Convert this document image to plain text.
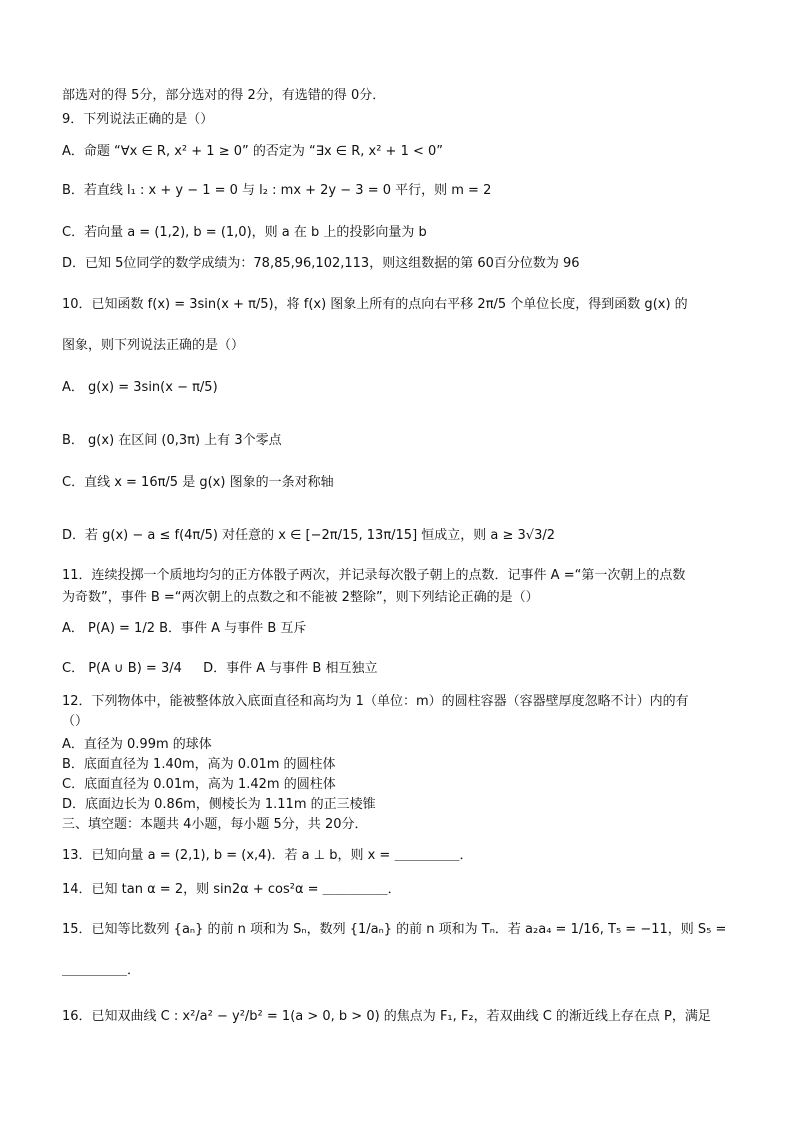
部选对的得 5分，部分选对的得 2分，有选错的得 0分．
9．下列说法正确的是（）
A．命题 “∀x ∈ R, x² + 1 ≥ 0” 的否定为 “∃x ∈ R, x² + 1 < 0”
B．若直线 l₁ : x + y − 1 = 0 与 l₂ : mx + 2y − 3 = 0 平行，则 m = 2
C．若向量 a = (1,2), b = (1,0)，则 a 在 b 上的投影向量为 b
D．已知 5位同学的数学成绩为：78,85,96,102,113，则这组数据的第 60百分位数为 96
10．已知函数 f(x) = 3sin(x + π/5)，将 f(x) 图象上所有的点向右平移 2π/5 个单位长度，得到函数 g(x) 的
图象，则下列说法正确的是（）
A． g(x) = 3sin(x − π/5)
B． g(x) 在区间 (0,3π) 上有 3个零点
C．直线 x = 16π/5 是 g(x) 图象的一条对称轴
D．若 g(x) − a ≤ f(4π/5) 对任意的 x ∈ [−2π/15, 13π/15] 恒成立，则 a ≥ 3√3/2
11．连续投掷一个质地均匀的正方体骰子两次，并记录每次骰子朝上的点数．记事件 A =“第一次朝上的点数
为奇数”，事件 B =“两次朝上的点数之和不能被 2整除”，则下列结论正确的是（）
A． P(A) = 1/2 B．事件 A 与事件 B 互斥
C． P(A ∪ B) = 3/4 　 D．事件 A 与事件 B 相互独立
12．下列物体中，能被整体放入底面直径和高均为 1（单位：m）的圆柱容器（容器壁厚度忽略不计）内的有
（）
A．直径为 0.99m 的球体
B．底面直径为 1.40m，高为 0.01m 的圆柱体
C．底面直径为 0.01m，高为 1.42m 的圆柱体
D．底面边长为 0.86m，侧棱长为 1.11m 的正三棱锥
三、填空题：本题共 4小题，每小题 5分，共 20分．
13．已知向量 a = (2,1), b = (x,4)．若 a ⊥ b，则 x = ＿＿＿＿＿．
14．已知 tan α = 2，则 sin2α + cos²α = ＿＿＿＿＿．
15．已知等比数列 {aₙ} 的前 n 项和为 Sₙ，数列 {1/aₙ} 的前 n 项和为 Tₙ．若 a₂a₄ = 1/16, T₅ = −11，则 S₅ =
＿＿＿＿＿．
16．已知双曲线 C : x²/a² − y²/b² = 1(a > 0, b > 0) 的焦点为 F₁, F₂，若双曲线 C 的渐近线上存在点 P，满足
